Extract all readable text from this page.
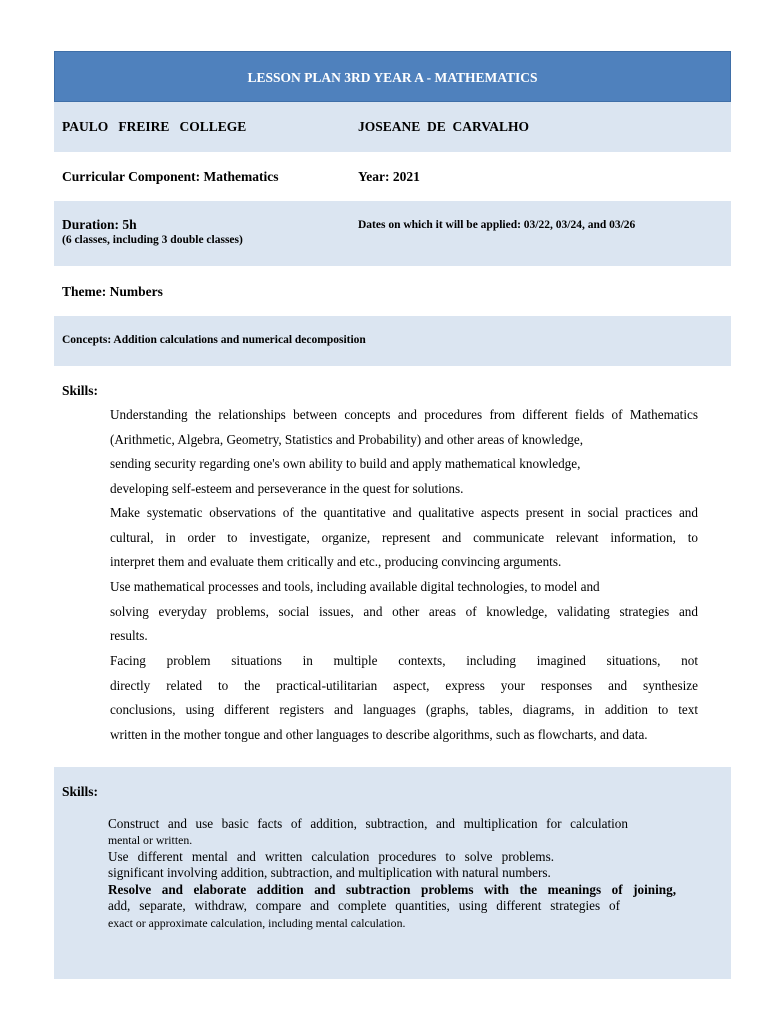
LESSON PLAN 3RD YEAR A - MATHEMATICS
PAULO   FREIRE   COLLEGE	JOSEANE  DE  CARVALHO
Curricular Component: Mathematics	Year: 2021
Duration: 5h
(6 classes, including 3 double classes)
Dates on which it will be applied: 03/22, 03/24, and 03/26
Theme: Numbers
Concepts: Addition calculations and numerical decomposition
Skills:
Understanding the relationships between concepts and procedures from different fields of Mathematics
(Arithmetic, Algebra, Geometry, Statistics and Probability) and other areas of knowledge,
sending security regarding one's own ability to build and apply mathematical knowledge,
developing self-esteem and perseverance in the quest for solutions.
Make systematic observations of the quantitative and qualitative aspects present in social practices and
cultural, in order to investigate, organize, represent and communicate relevant information, to
interpret them and evaluate them critically and etc., producing convincing arguments.
Use mathematical processes and tools, including available digital technologies, to model and
solving everyday problems, social issues, and other areas of knowledge, validating strategies and
results.
Facing problem situations in multiple contexts, including imagined situations, not
directly related to the practical-utilitarian aspect, express your responses and synthesize
conclusions, using different registers and languages (graphs, tables, diagrams, in addition to text
written in the mother tongue and other languages to describe algorithms, such as flowcharts, and data.
Skills:
Construct and use basic facts of addition, subtraction, and multiplication for calculation
mental or written.
Use different mental and written calculation procedures to solve problems.
significant involving addition, subtraction, and multiplication with natural numbers.
Resolve and elaborate addition and subtraction problems with the meanings of joining,
add, separate, withdraw, compare and complete quantities, using different strategies of
exact or approximate calculation, including mental calculation.
